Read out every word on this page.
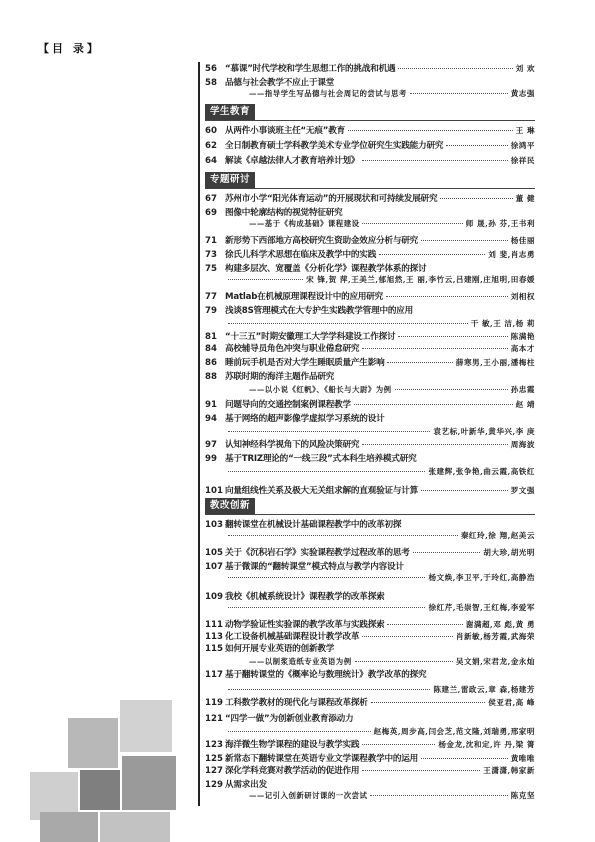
【目 录】
56 “慕课”时代学校和学生思想工作的挑战和机遇	刘 欢
58 品德与社会教学不应止于课堂
——指导学生写品德与社会周记的尝试与思考	黄志强
学生教育
60 从两件小事谈班主任“无痕”教育	王 琳
62 全日制教育硕士学科教学美术专业学位研究生实践能力研究	徐鸿平
64 解读《卓越法律人才教育培养计划》	徐祥民
专题研讨
67 苏州市小学“阳光体育运动”的开展现状和可持续发展研究	董 健
69 图像中轮廓结构的视觉特征研究
——基于《构成基础》课程建设	师 晟,孙 芬,王书利
71 新形势下西部地方高校研究生资助金效应分析与研究	杨佳丽
73 徐氏儿科学术思想在临床及教学中的实践	刘 斐,肖志勇
75 构建多层次、宽覆盖《分析化学》课程教学体系的探讨
宋 锋,贺 萍,王美兰,郁旭然,王 丽,李竹云,吕建刚,庄旭明,田春媛
77 Matlab在机械原理课程设计中的应用研究	刘相权
79 浅谈8S管理模式在大专护生实践教学管理中的应用
干 敏,王 洁,杨 莉
81 “十三五”时期安徽理工大学学科建设工作探讨	陈满艳
84 高校辅导员角色冲突与职业倦怠研究	高本才
86 睡前玩手机是否对大学生睡眠质量产生影响	薛寒男,王小丽,潘梅柱
88 苏联时期的海洋主题作品研究
——以小说《红帆》、《船长与大尉》为例	孙忠霞
91 问题导向的交通控制案例课程教学	赵 靖
94 基于网络的超声影像学虚拟学习系统的设计
袁艺标,叶新华,黄华兴,李 庚
97 认知神经科学视角下的风险决策研究	周海波
99 基于TRIZ理论的“一线三段”式本科生培养模式研究
张建辉,张争艳,曲云霞,高铁红
101 向量组线性关系及极大无关组求解的直观验证与计算	罗文强
教改创新
103 翻转课堂在机械设计基础课程教学中的改革初探
秦红玲,徐 翔,赵美云
105 关于《沉积岩石学》实验课程教学过程改革的思考	胡大珍,胡光明
107 基于微课的“翻转课堂”模式特点与教学内容设计
杨文焕,李卫平,于玲红,高静浩
109 我校《机械系统设计》课程教学的改革探索
徐红芹,毛崇智,王红梅,李爱军
111 动物学验证性实验课的教学改革与实践探索	谢满超,邓 彪,黄 勇
113 化工设备机械基础课程设计教学改革	肖新敏,杨芳霞,武海荣
115 如何开展专业英语的创新教学
——以制浆造纸专业英语为例	吴文娟,宋君龙,金永灿
117 基于翻转课堂的《概率论与数理统计》教学改革的探究
陈建兰,雷政云,章 森,杨建芳
119 工科数学教材的现代化与课程改革探析	侯亚君,高 峰
121 “四学一做”为创新创业教育添动力
赵梅英,周步高,闫会芝,范文隆,刘瑞勇,邢家明
123 海洋微生物学课程的建设与教学实践	杨金龙,沈和定,许 丹,梁 箐
125 新常态下翻转课堂在英语专业文学课程教学中的运用	黄唯唯
127 深化学科竞赛对教学活动的促进作用	王潇潇,韩家新
129 从需求出发
——记引入创新研讨课的一次尝试	陈克坚
